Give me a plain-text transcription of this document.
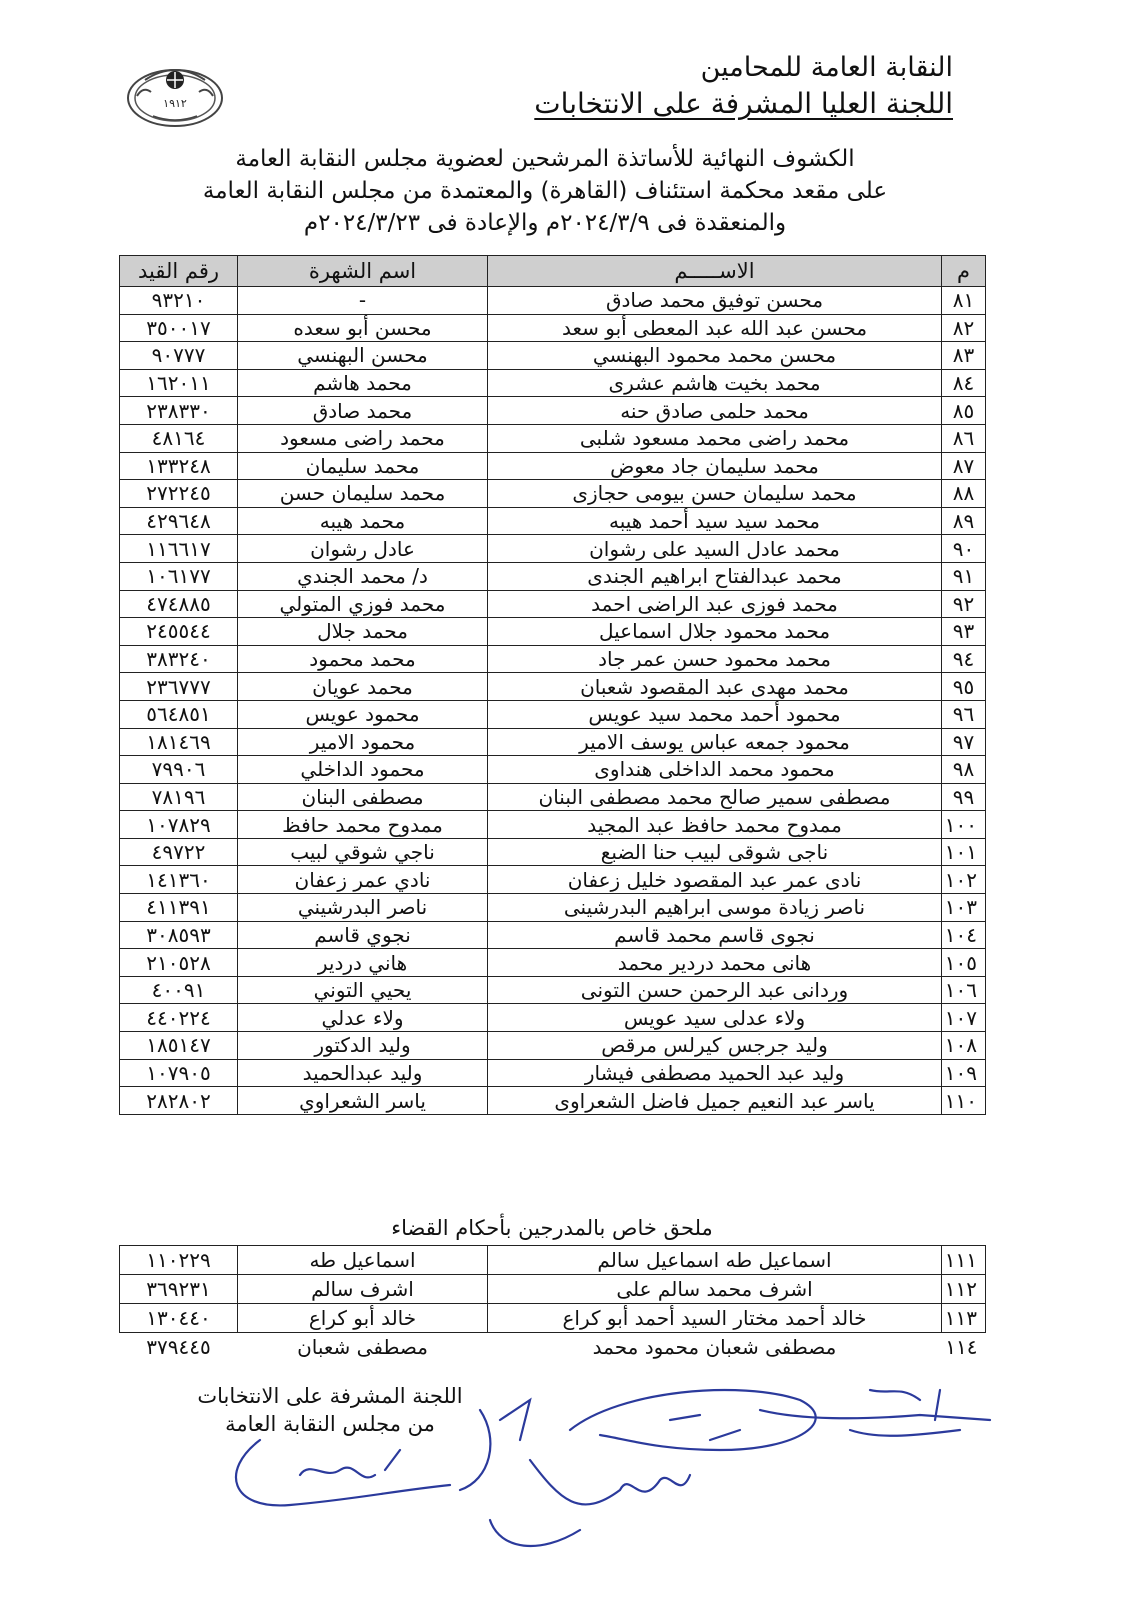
١٩١٢
النقابة العامة للمحامين
اللجنة العليا المشرفة على الانتخابات
الكشوف النهائية للأساتذة المرشحين لعضوية مجلس النقابة العامة
على مقعد محكمة استئناف (القاهرة) والمعتمدة من مجلس النقابة العامة
والمنعقدة فى ٢٠٢٤/٣/٩م والإعادة فى ٢٠٢٤/٣/٢٣م
م	الاســـــم	اسم الشهرة	رقم القيد
٨١	محسن توفيق محمد صادق	-	٩٣٢١٠
٨٢	محسن عبد الله عبد المعطى أبو سعد	محسن أبو سعده	٣٥٠٠١٧
٨٣	محسن محمد محمود البهنسي	محسن البهنسي	٩٠٧٧٧
٨٤	محمد بخيت هاشم عشرى	محمد هاشم	١٦٢٠١١
٨٥	محمد حلمى صادق حنه	محمد صادق	٢٣٨٣٣٠
٨٦	محمد راضى محمد مسعود شلبى	محمد راضى مسعود	٤٨١٦٤
٨٧	محمد سليمان جاد معوض	محمد سليمان	١٣٣٢٤٨
٨٨	محمد سليمان حسن بيومى حجازى	محمد سليمان حسن	٢٧٢٢٤٥
٨٩	محمد سيد سيد أحمد هيبه	محمد هيبه	٤٢٩٦٤٨
٩٠	محمد عادل السيد على رشوان	عادل رشوان	١١٦٦١٧
٩١	محمد عبدالفتاح ابراهيم الجندى	د/ محمد الجندي	١٠٦١٧٧
٩٢	محمد فوزى عبد الراضى احمد	محمد فوزي المتولي	٤٧٤٨٨٥
٩٣	محمد محمود جلال اسماعيل	محمد جلال	٢٤٥٥٤٤
٩٤	محمد محمود حسن عمر جاد	محمد محمود	٣٨٣٢٤٠
٩٥	محمد مهدى عبد المقصود شعبان	محمد عويان	٢٣٦٧٧٧
٩٦	محمود أحمد محمد سيد عويس	محمود عويس	٥٦٤٨٥١
٩٧	محمود جمعه عباس يوسف الامير	محمود الامير	١٨١٤٦٩
٩٨	محمود محمد الداخلى هنداوى	محمود الداخلي	٧٩٩٠٦
٩٩	مصطفى سمير صالح محمد مصطفى البنان	مصطفى البنان	٧٨١٩٦
١٠٠	ممدوح محمد حافظ عبد المجيد	ممدوح محمد حافظ	١٠٧٨٢٩
١٠١	ناجى شوقى لبيب حنا الضبع	ناجي شوقي لبيب	٤٩٧٢٢
١٠٢	نادى عمر عبد المقصود خليل زعفان	نادي عمر زعفان	١٤١٣٦٠
١٠٣	ناصر زيادة موسى ابراهيم البدرشينى	ناصر البدرشيني	٤١١٣٩١
١٠٤	نجوى قاسم محمد قاسم	نجوي قاسم	٣٠٨٥٩٣
١٠٥	هانى محمد دردير محمد	هاني دردير	٢١٠٥٢٨
١٠٦	وردانى عبد الرحمن حسن التونى	يحيي التوني	٤٠٠٩١
١٠٧	ولاء عدلى سيد عويس	ولاء عدلي	٤٤٠٢٢٤
١٠٨	وليد جرجس كيرلس مرقص	وليد الدكتور	١٨٥١٤٧
١٠٩	وليد عبد الحميد مصطفى فيشار	وليد عبدالحميد	١٠٧٩٠٥
١١٠	ياسر عبد النعيم جميل فاضل الشعراوى	ياسر الشعراوي	٢٨٢٨٠٢
ملحق خاص بالمدرجين بأحكام القضاء
١١١	اسماعيل طه اسماعيل سالم	اسماعيل طه	١١٠٢٢٩
١١٢	اشرف محمد سالم على	اشرف سالم	٣٦٩٢٣١
١١٣	خالد أحمد مختار السيد أحمد أبو كراع	خالد أبو كراع	١٣٠٤٤٠
١١٤	مصطفى شعبان محمود محمد	مصطفى شعبان	٣٧٩٤٤٥
اللجنة المشرفة على الانتخابات
من مجلس النقابة العامة
